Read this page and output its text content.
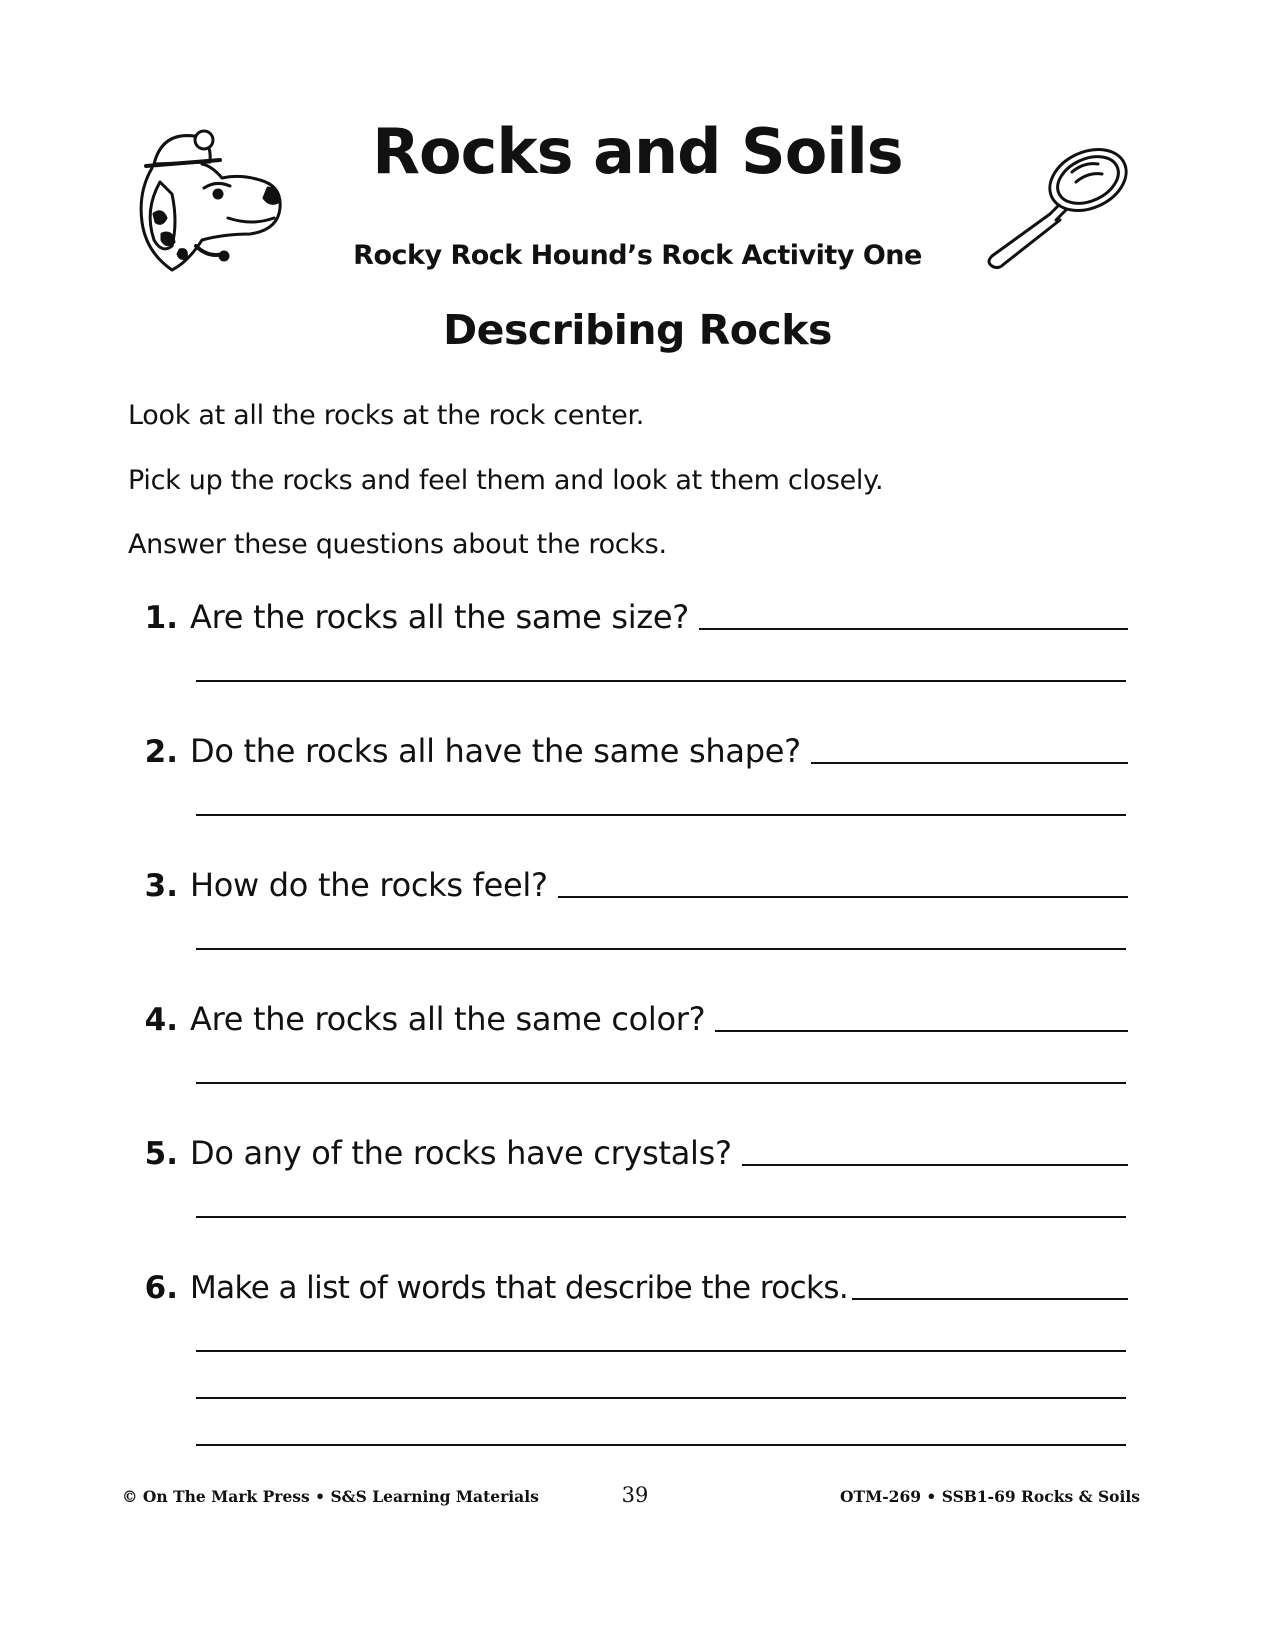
Rocks and Soils
Rocky Rock Hound’s Rock Activity One
Describing Rocks
Look at all the rocks at the rock center.
Pick up the rocks and feel them and look at them closely.
Answer these questions about the rocks.
1. Are the rocks all the same size?
2. Do the rocks all have the same shape?
3. How do the rocks feel?
4. Are the rocks all the same color?
5. Do any of the rocks have crystals?
6. Make a list of words that describe the rocks.
© On The Mark Press • S&S Learning Materials	39	OTM-269 • SSB1-69 Rocks & Soils
